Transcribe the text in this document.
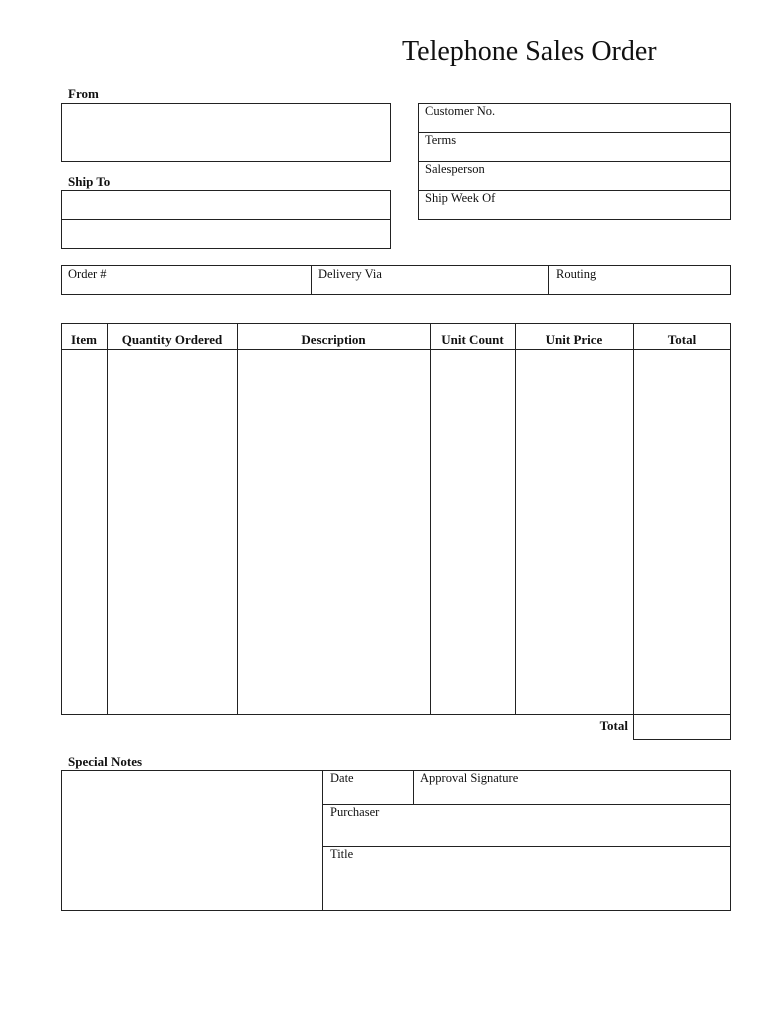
Telephone Sales Order
From
Ship To
Customer No.
Terms
Salesperson
Ship Week Of
Order #	Delivery Via	Routing
Item	Quantity Ordered	Description	Unit Count	Unit Price	Total
Total
Special Notes
Date	Approval Signature
Purchaser
Title
